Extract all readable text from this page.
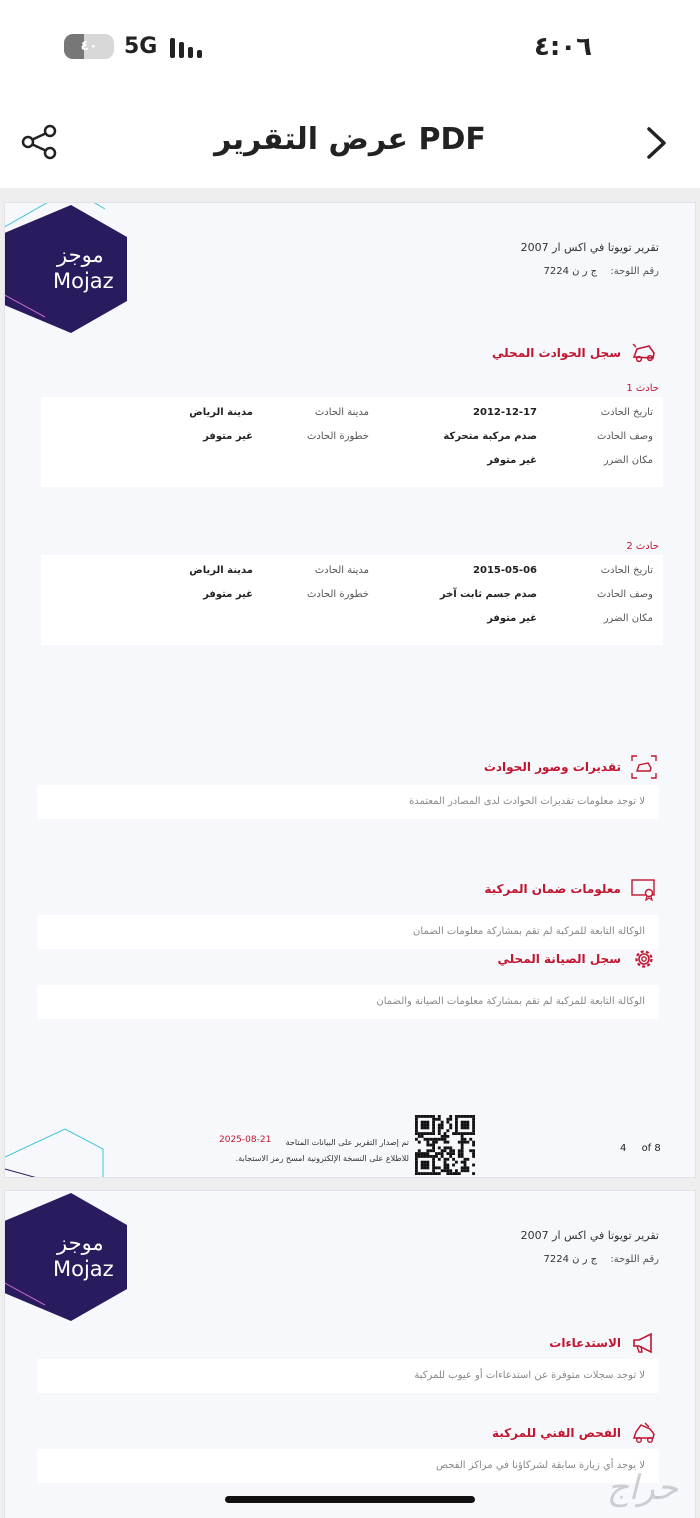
٤٠	5G	٤:٠٦
عرض التقرير PDF
موجز
Mojaz
تقرير تويوتا في اكس ار 2007
رقم اللوحة: ج ر ن 7224
سجل الحوادث المحلي
حادث 1
تاريخ الحادث
2012-12-17
مدينة الحادث
مدينة الرياض
وصف الحادث
صدم مركبة متحركة
خطورة الحادث
غير متوفر
مكان الضرر
غير متوفر
حادث 2
تاريخ الحادث
2015-05-06
مدينة الحادث
مدينة الرياض
وصف الحادث
صدم جسم ثابت آخر
خطورة الحادث
غير متوفر
مكان الضرر
غير متوفر
تقديرات وصور الحوادث
لا توجد معلومات تقديرات الحوادث لدى المصادر المعتمدة
معلومات ضمان المركبة
الوكالة التابعة للمركبة لم تقم بمشاركة معلومات الضمان
سجل الصيانة المحلي
الوكالة التابعة للمركبة لم تقم بمشاركة معلومات الصيانة والضمان
4 of 8
تم إصدار التقرير على البيانات المتاحة
للاطلاع على النسخة الإلكترونية امسح رمز الاستجابة.
2025-08-21
موجز
Mojaz
تقرير تويوتا في اكس ار 2007
رقم اللوحة: ج ر ن 7224
الاستدعاءات
لا توجد سجلات متوفرة عن استدعاءات أو عيوب للمركبة
الفحص الفني للمركبة
لا يوجد أي زيارة سابقة لشركاؤنا في مراكز الفحص
حراج
